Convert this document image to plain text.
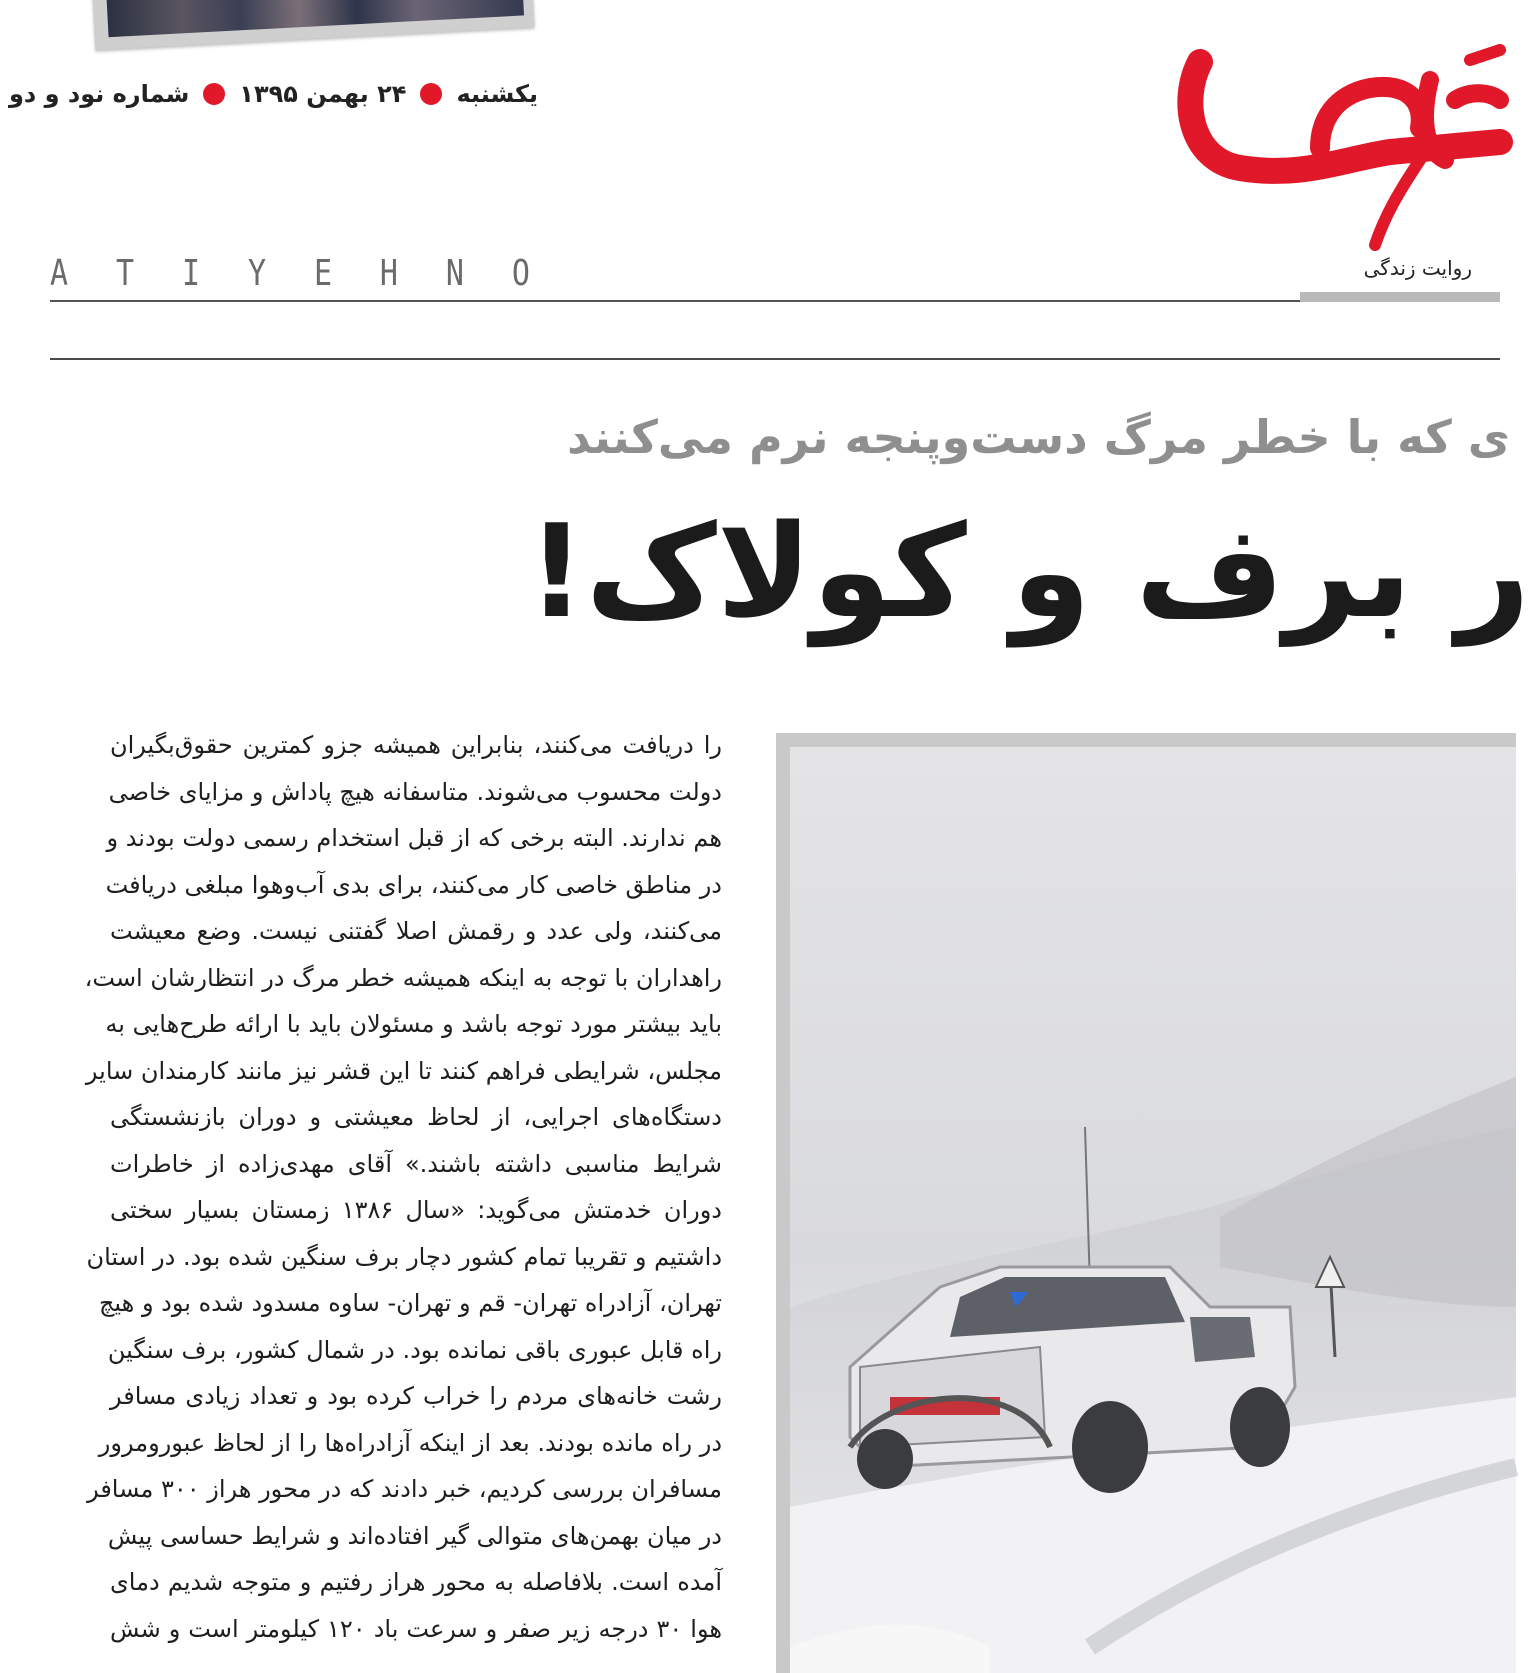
یکشنبه
۲۴ بهمن ۱۳۹۵
شماره نود و دو
روایت زندگی
A T I Y E H N O
ی که با خطر مرگ دست‌وپنجه نرم می‌کنند
ر برف و کولاک!
را دریافت می‌کنند، بنابراین همیشه جزو کمترین حقوق‌بگیران
دولت محسوب می‌شوند. متاسفانه هیچ پاداش و مزایای خاصی
هم ندارند. البته برخی که از قبل استخدام رسمی دولت بودند و
در مناطق خاصی کار می‌کنند، برای بدی آب‌وهوا مبلغی دریافت
می‌کنند، ولی عدد و رقمش اصلا گفتنی نیست. وضع معیشت
راهداران با توجه به اینکه همیشه خطر مرگ در انتظارشان است،
باید بیشتر مورد توجه باشد و مسئولان باید با ارائه طرح‌هایی به
مجلس، شرایطی فراهم کنند تا این قشر نیز مانند کارمندان سایر
دستگاه‌های اجرایی، از لحاظ معیشتی و دوران بازنشستگی
شرایط مناسبی داشته باشند.» آقای مهدی‌زاده از خاطرات
دوران خدمتش می‌گوید: «سال ۱۳۸۶ زمستان بسیار سختی
داشتیم و تقریبا تمام کشور دچار برف سنگین شده بود. در استان
تهران، آزادراه تهران- قم و تهران- ساوه مسدود شده بود و هیچ
راه قابل عبوری باقی نمانده بود. در شمال کشور، برف سنگین
رشت خانه‌های مردم را خراب کرده بود و تعداد زیادی مسافر
در راه مانده بودند. بعد از اینکه آزادراه‌ها را از لحاظ عبورومرور
مسافران بررسی کردیم، خبر دادند که در محور هراز ۳۰۰ مسافر
در میان بهمن‌های متوالی گیر افتاده‌اند و شرایط حساسی پیش
آمده است. بلافاصله به محور هراز رفتیم و متوجه شدیم دمای
هوا ۳۰ درجه زیر صفر و سرعت باد ۱۲۰ کیلومتر است و شش
